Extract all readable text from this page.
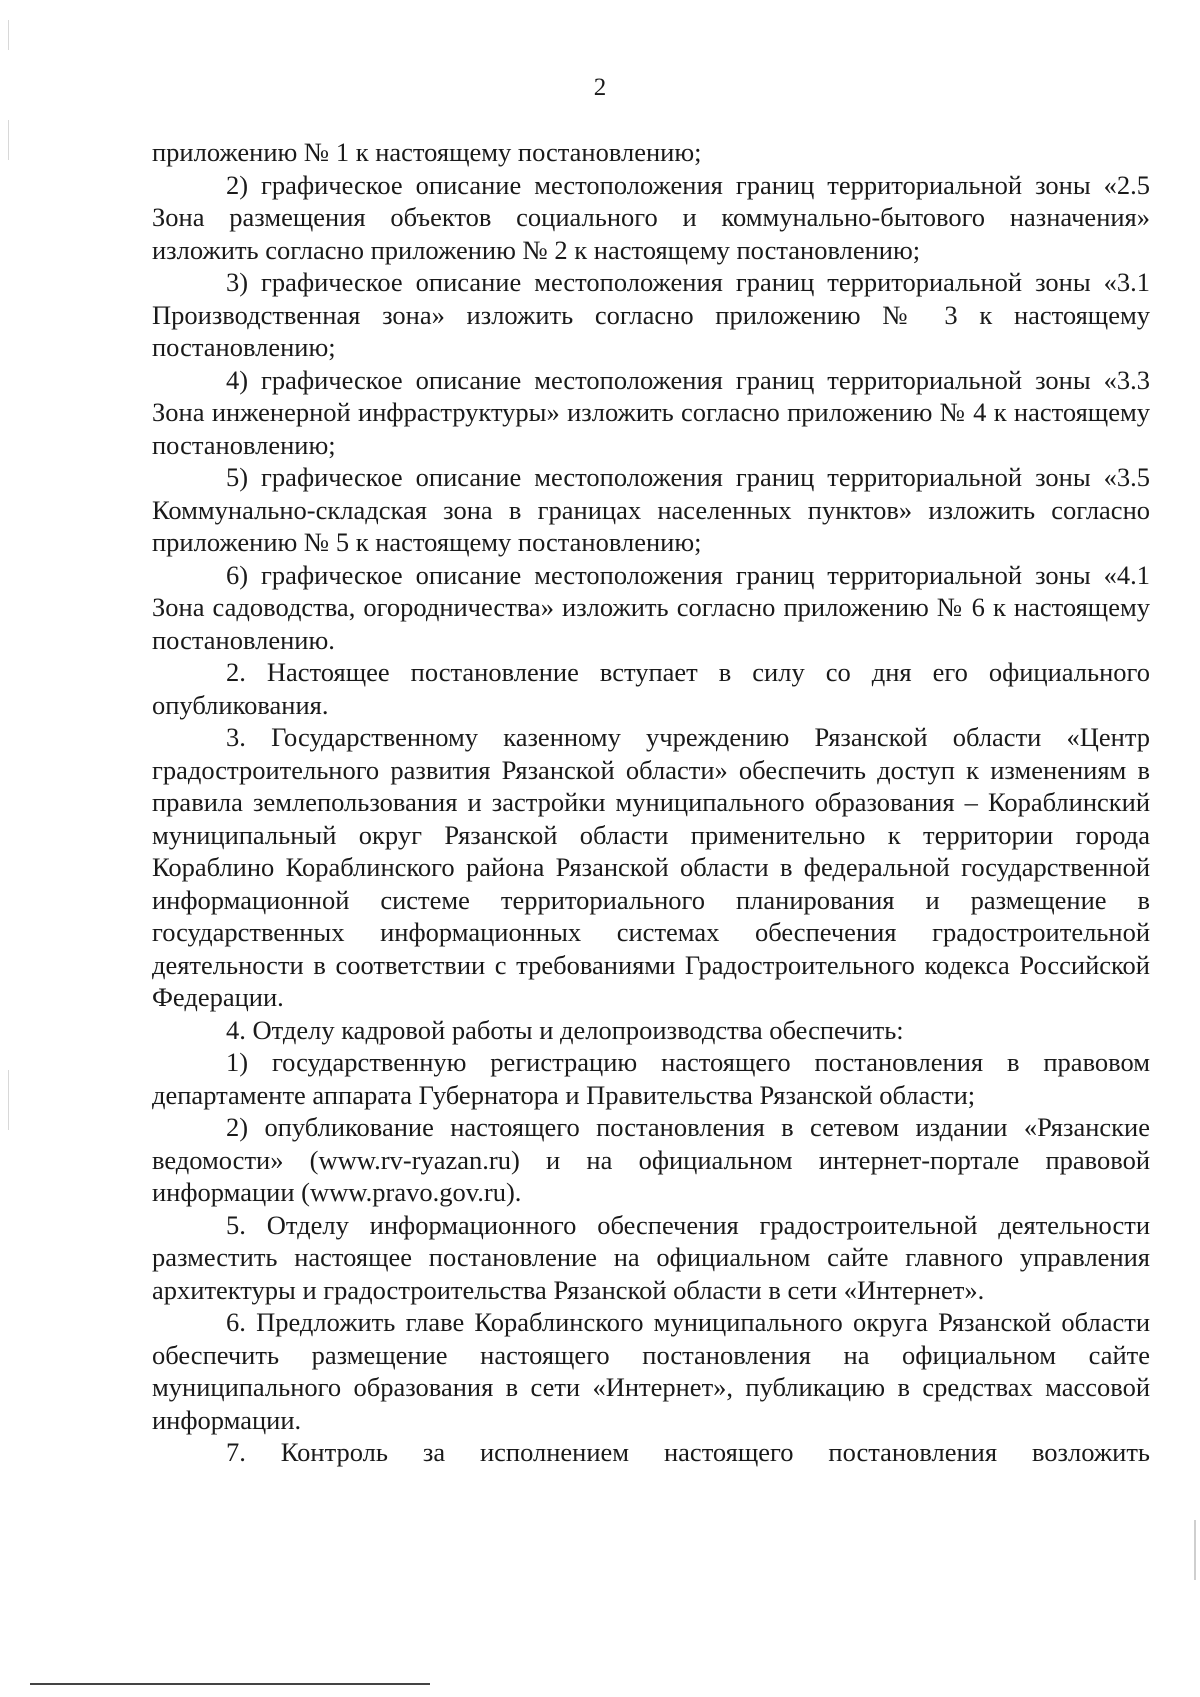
2

приложению № 1 к настоящему постановлению;

2) графическое описание местоположения границ территориальной зоны «2.5 Зона размещения объектов социального и коммунально-бытового назначения» изложить согласно приложению № 2 к настоящему постановлению;

3) графическое описание местоположения границ территориальной зоны «3.1 Производственная зона» изложить согласно приложению № 3 к настоящему постановлению;

4) графическое описание местоположения границ территориальной зоны «3.3 Зона инженерной инфраструктуры» изложить согласно приложению № 4 к настоящему постановлению;

5) графическое описание местоположения границ территориальной зоны «3.5 Коммунально-складская зона в границах населенных пунктов» изложить согласно приложению № 5 к настоящему постановлению;

6) графическое описание местоположения границ территориальной зоны «4.1 Зона садоводства, огородничества» изложить согласно приложению № 6 к настоящему постановлению.

2. Настоящее постановление вступает в силу со дня его официального опубликования.

3. Государственному казенному учреждению Рязанской области «Центр градостроительного развития Рязанской области» обеспечить доступ к изменениям в правила землепользования и застройки муниципального образования – Кораблинский муниципальный округ Рязанской области применительно к территории города Кораблино Кораблинского района Рязанской области в федеральной государственной информационной системе территориального планирования и размещение в государственных информационных системах обеспечения градостроительной деятельности в соответствии с требованиями Градостроительного кодекса Российской Федерации.

4. Отделу кадровой работы и делопроизводства обеспечить:

1) государственную регистрацию настоящего постановления в правовом департаменте аппарата Губернатора и Правительства Рязанской области;

2) опубликование настоящего постановления в сетевом издании «Рязанские ведомости» (www.rv-ryazan.ru) и на официальном интернет-портале правовой информации (www.pravo.gov.ru).

5. Отделу информационного обеспечения градостроительной деятельности разместить настоящее постановление на официальном сайте главного управления архитектуры и градостроительства Рязанской области в сети «Интернет».

6. Предложить главе Кораблинского муниципального округа Рязанской области обеспечить размещение настоящего постановления на официальном сайте муниципального образования в сети «Интернет», публикацию в средствах массовой информации.

7. Контроль за исполнением настоящего постановления возложить
